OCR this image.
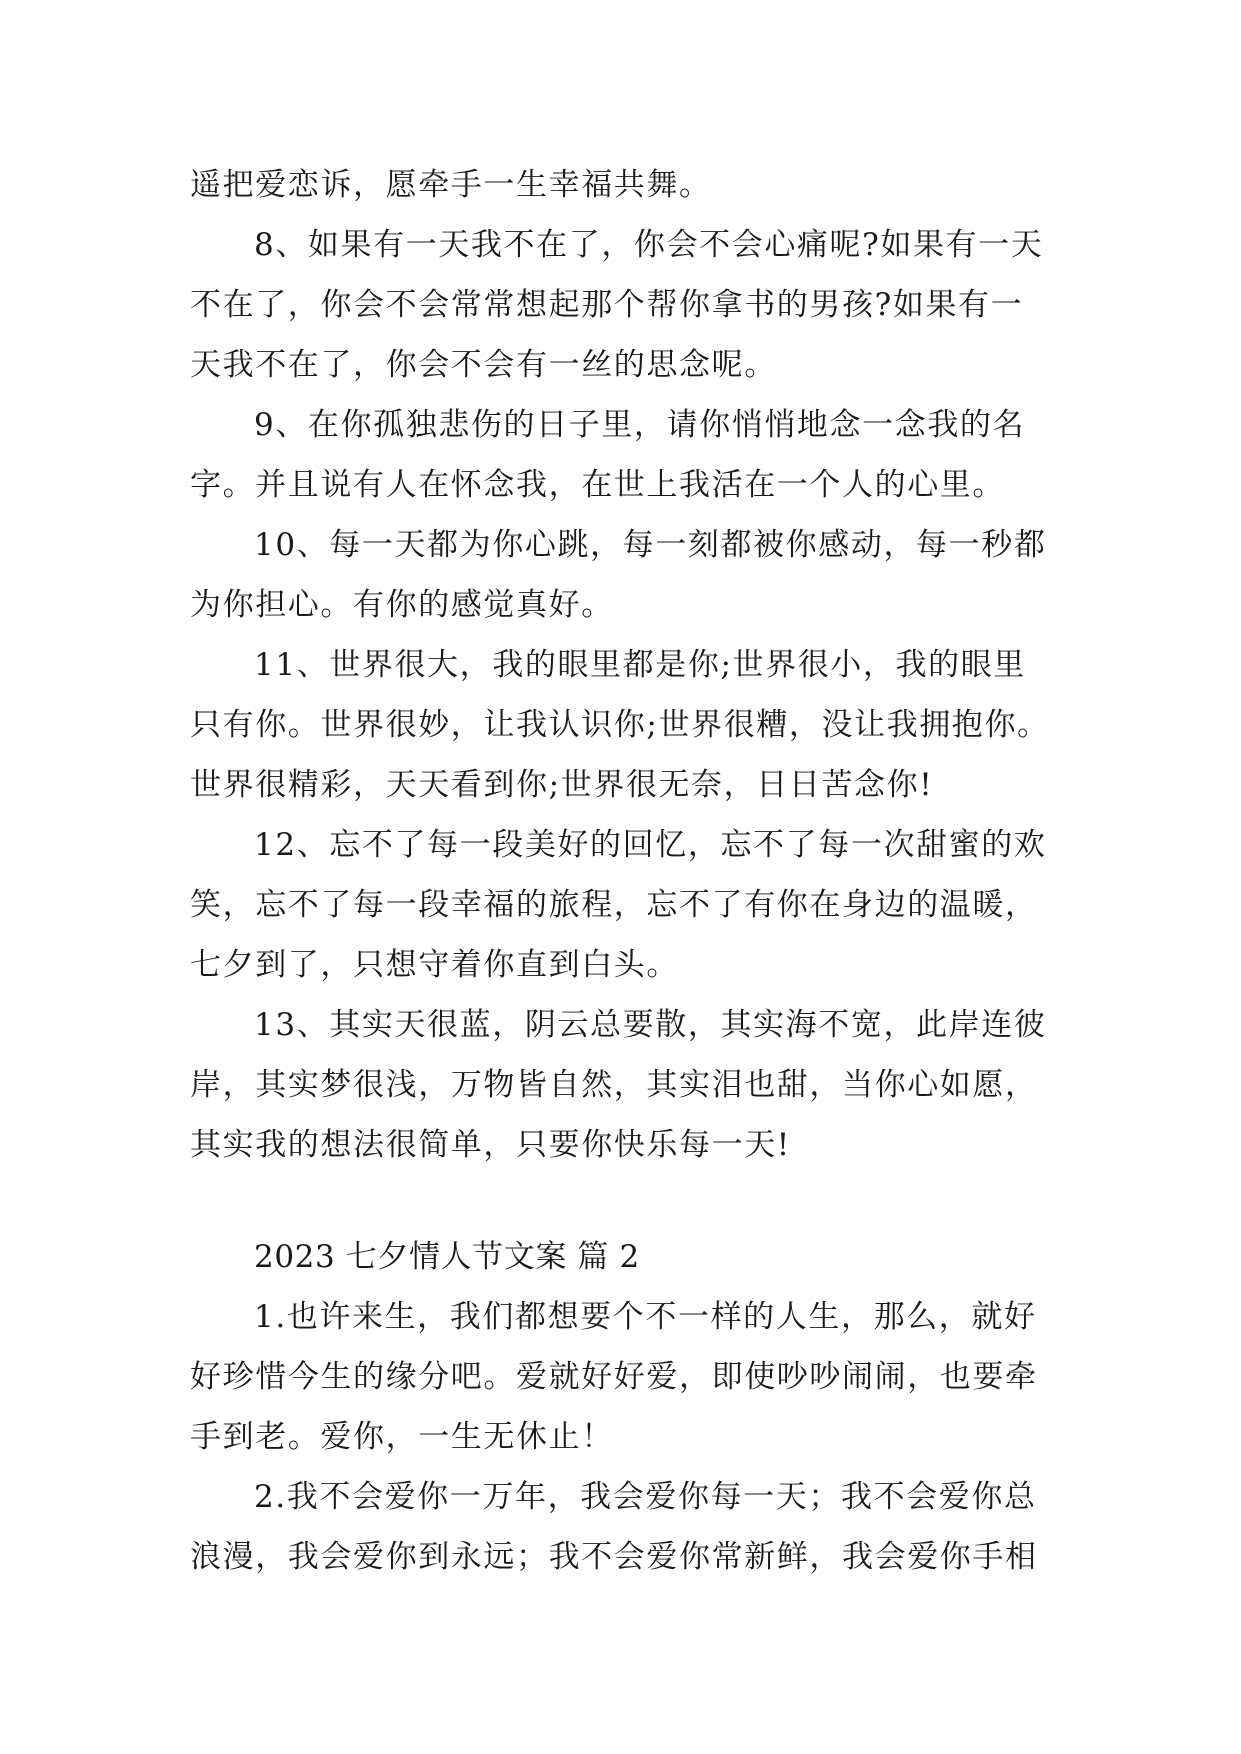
遥把爱恋诉，愿牵手一生幸福共舞。
8、如果有一天我不在了，你会不会心痛呢?如果有一天
不在了，你会不会常常想起那个帮你拿书的男孩?如果有一
天我不在了，你会不会有一丝的思念呢。
9、在你孤独悲伤的日子里，请你悄悄地念一念我的名
字。并且说有人在怀念我，在世上我活在一个人的心里。
10、每一天都为你心跳，每一刻都被你感动，每一秒都
为你担心。有你的感觉真好。
11、世界很大，我的眼里都是你;世界很小，我的眼里
只有你。世界很妙，让我认识你;世界很糟，没让我拥抱你。
世界很精彩，天天看到你;世界很无奈，日日苦念你!
12、忘不了每一段美好的回忆，忘不了每一次甜蜜的欢
笑，忘不了每一段幸福的旅程，忘不了有你在身边的温暖，
七夕到了，只想守着你直到白头。
13、其实天很蓝，阴云总要散，其实海不宽，此岸连彼
岸，其实梦很浅，万物皆自然，其实泪也甜，当你心如愿，
其实我的想法很简单，只要你快乐每一天!
2023 七夕情人节文案 篇 2
1.也许来生，我们都想要个不一样的人生，那么，就好
好珍惜今生的缘分吧。爱就好好爱，即使吵吵闹闹，也要牵
手到老。爱你，一生无休止！
2.我不会爱你一万年，我会爱你每一天；我不会爱你总
浪漫，我会爱你到永远；我不会爱你常新鲜，我会爱你手相
